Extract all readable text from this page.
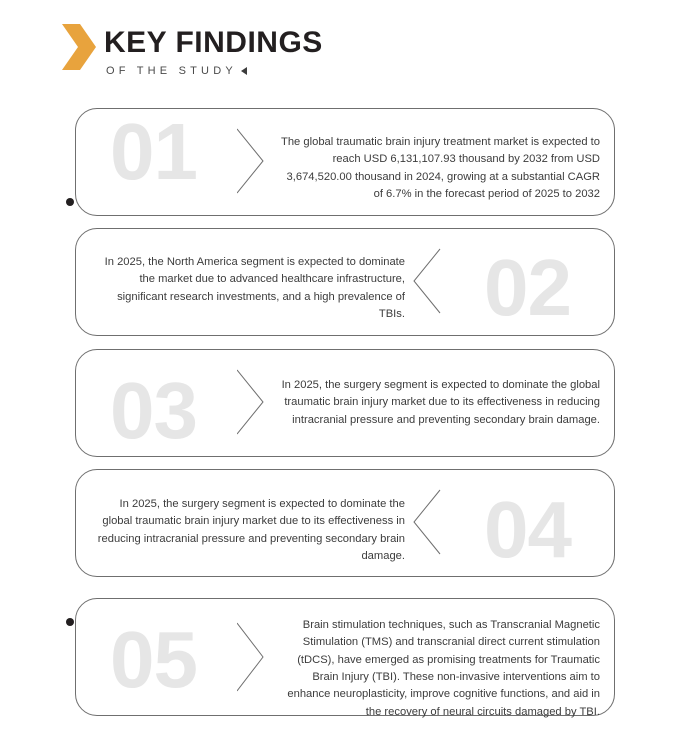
KEY FINDINGS
OF THE STUDY
01	The global traumatic brain injury treatment market is expected to reach USD 6,131,107.93 thousand by 2032 from USD 3,674,520.00 thousand in 2024, growing at a substantial CAGR of 6.7% in the forecast period of 2025 to 2032
02
In 2025, the North America segment is expected to dominate the market due to advanced healthcare infrastructure, significant research investments, and a high prevalence of TBIs.
03	In 2025, the surgery segment is expected to dominate the global traumatic brain injury market due to its effectiveness in reducing intracranial pressure and preventing secondary brain damage.
04
In 2025, the surgery segment is expected to dominate the global traumatic brain injury market due to its effectiveness in reducing intracranial pressure and preventing secondary brain damage.
05	Brain stimulation techniques, such as Transcranial Magnetic Stimulation (TMS) and transcranial direct current stimulation (tDCS), have emerged as promising treatments for Traumatic Brain Injury (TBI). These non-invasive interventions aim to enhance neuroplasticity, improve cognitive functions, and aid in the recovery of neural circuits damaged by TBI.
